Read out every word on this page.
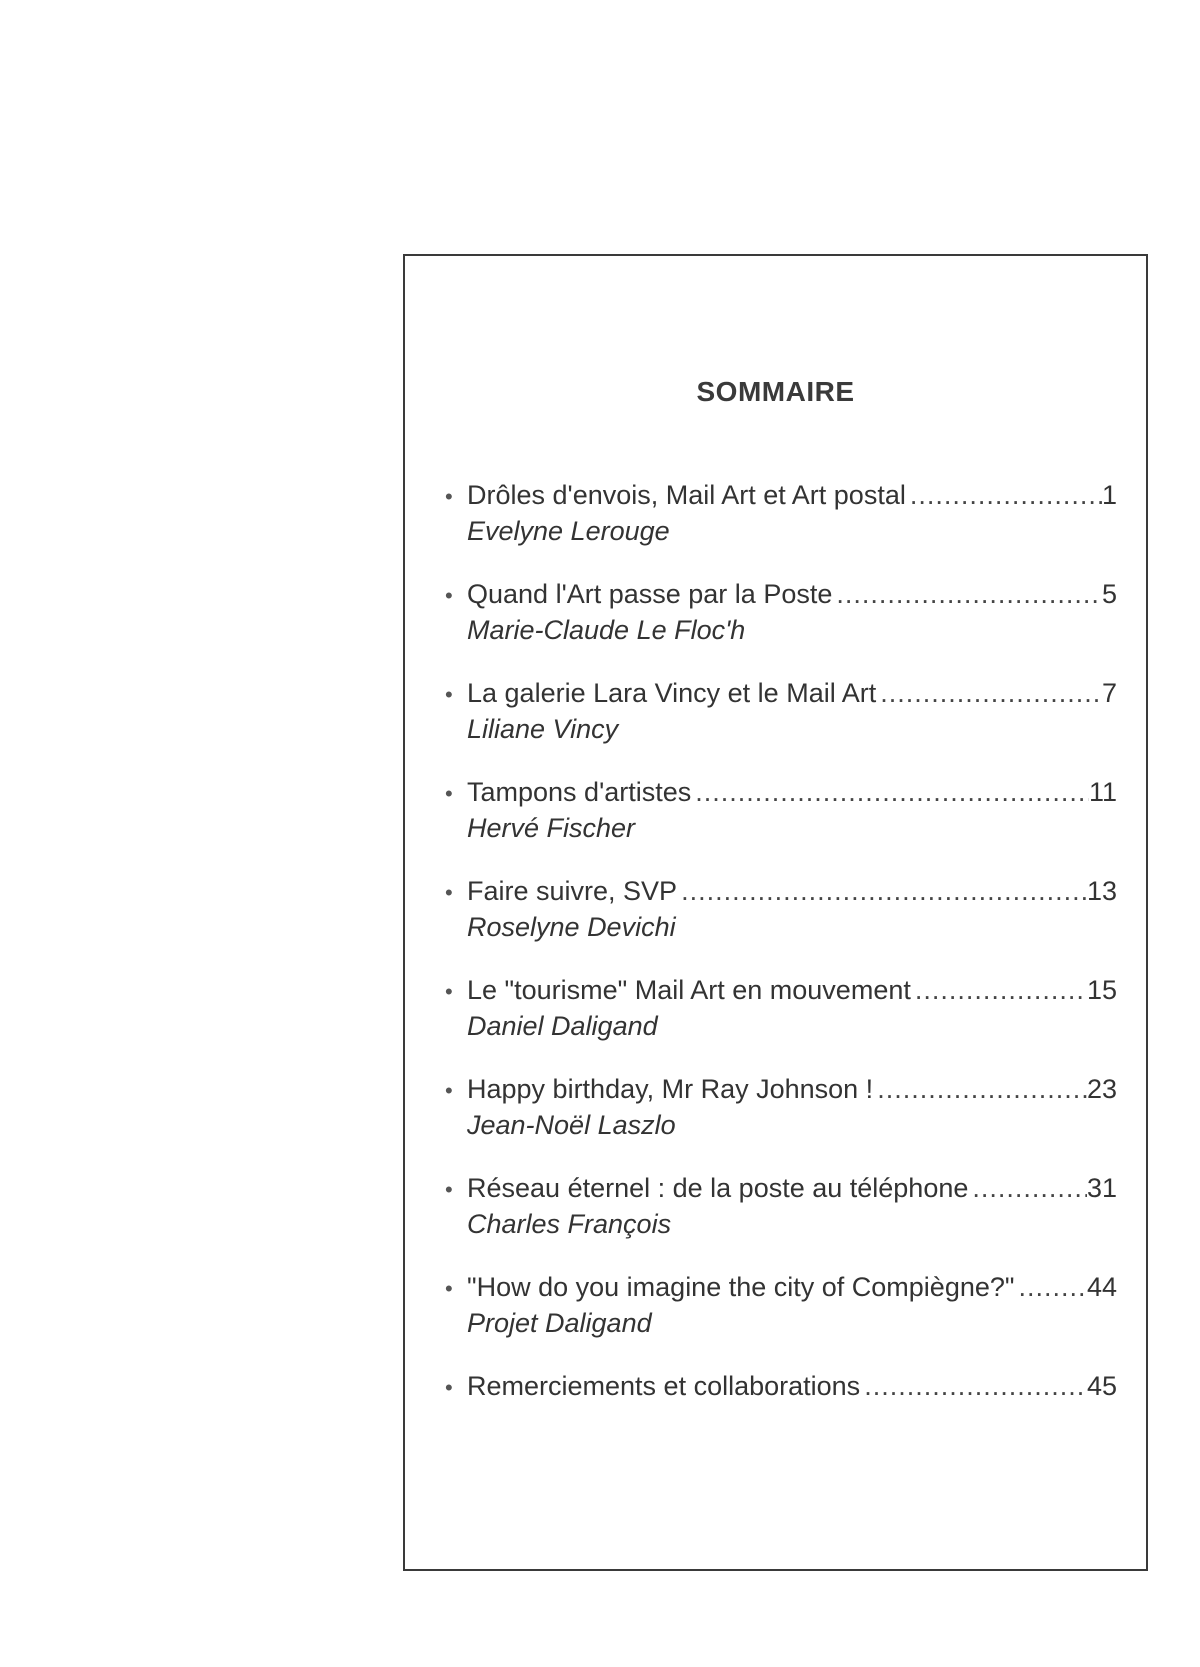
SOMMAIRE
• Drôles d'envois, Mail Art et Art postal .....	1
Evelyne Lerouge
• Quand l'Art passe par la Poste .....	5
Marie-Claude Le Floc'h
• La galerie Lara Vincy et le Mail Art .....	7
Liliane Vincy
• Tampons d'artistes .....	11
Hervé Fischer
• Faire suivre, SVP .....	13
Roselyne Devichi
• Le "tourisme" Mail Art en mouvement .....	15
Daniel Daligand
• Happy birthday, Mr Ray Johnson ! .....	23
Jean-Noël Laszlo
• Réseau éternel : de la poste au téléphone .....	31
Charles François
• "How do you imagine the city of Compiègne?" .....	44
Projet Daligand
• Remerciements et collaborations .....	45
